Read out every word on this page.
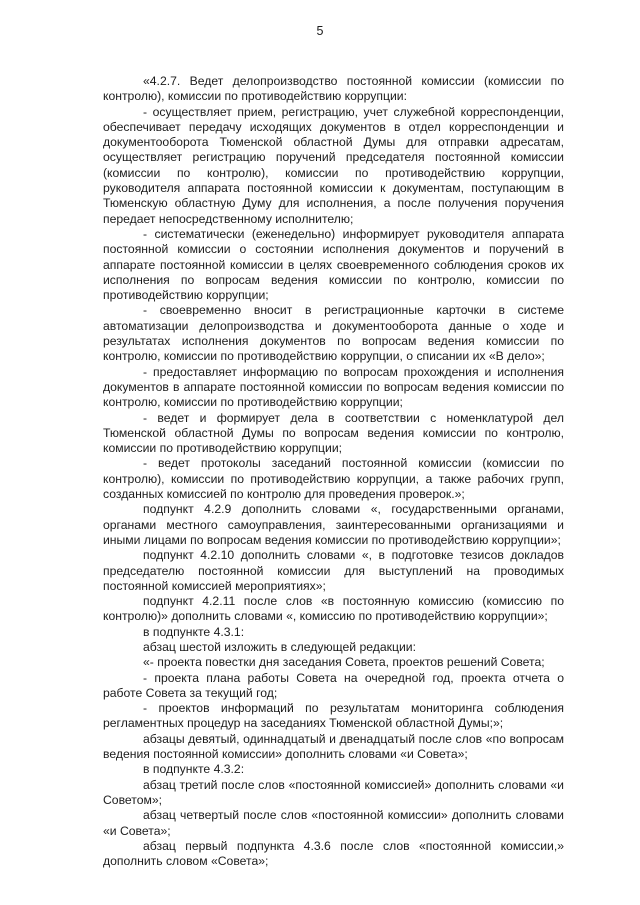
5

«4.2.7. Ведет делопроизводство постоянной комиссии (комиссии по контролю), комиссии по противодействию коррупции:

- осуществляет прием, регистрацию, учет служебной корреспонденции, обеспечивает передачу исходящих документов в отдел корреспонденции и документооборота Тюменской областной Думы для отправки адресатам, осуществляет регистрацию поручений председателя постоянной комиссии (комиссии по контролю), комиссии по противодействию коррупции, руководителя аппарата постоянной комиссии к документам, поступающим в Тюменскую областную Думу для исполнения, а после получения поручения передает непосредственному исполнителю;

- систематически (еженедельно) информирует руководителя аппарата постоянной комиссии о состоянии исполнения документов и поручений в аппарате постоянной комиссии в целях своевременного соблюдения сроков их исполнения по вопросам ведения комиссии по контролю, комиссии по противодействию коррупции;

- своевременно вносит в регистрационные карточки в системе автоматизации делопроизводства и документооборота данные о ходе и результатах исполнения документов по вопросам ведения комиссии по контролю, комиссии по противодействию коррупции, о списании их «В дело»;

- предоставляет информацию по вопросам прохождения и исполнения документов в аппарате постоянной комиссии по вопросам ведения комиссии по контролю, комиссии по противодействию коррупции;

- ведет и формирует дела в соответствии с номенклатурой дел Тюменской областной Думы по вопросам ведения комиссии по контролю, комиссии по противодействию коррупции;

- ведет протоколы заседаний постоянной комиссии (комиссии по контролю), комиссии по противодействию коррупции, а также рабочих групп, созданных комиссией по контролю для проведения проверок.»;

подпункт 4.2.9 дополнить словами «, государственными органами, органами местного самоуправления, заинтересованными организациями и иными лицами по вопросам ведения комиссии по противодействию коррупции»;

подпункт 4.2.10 дополнить словами «, в подготовке тезисов докладов председателю постоянной комиссии для выступлений на проводимых постоянной комиссией мероприятиях»;

подпункт 4.2.11 после слов «в постоянную комиссию (комиссию по контролю)» дополнить словами «, комиссию по противодействию коррупции»;

в подпункте 4.3.1:

абзац шестой изложить в следующей редакции:

«- проекта повестки дня заседания Совета, проектов решений Совета;

- проекта плана работы Совета на очередной год, проекта отчета о работе Совета за текущий год;

- проектов информаций по результатам мониторинга соблюдения регламентных процедур на заседаниях Тюменской областной Думы;»;

абзацы девятый, одиннадцатый и двенадцатый после слов «по вопросам ведения постоянной комиссии» дополнить словами «и Совета»;

в подпункте 4.3.2:

абзац третий после слов «постоянной комиссией» дополнить словами «и Советом»;

абзац четвертый после слов «постоянной комиссии» дополнить словами «и Совета»;

абзац первый подпункта 4.3.6 после слов «постоянной комиссии,» дополнить словом «Совета»;
